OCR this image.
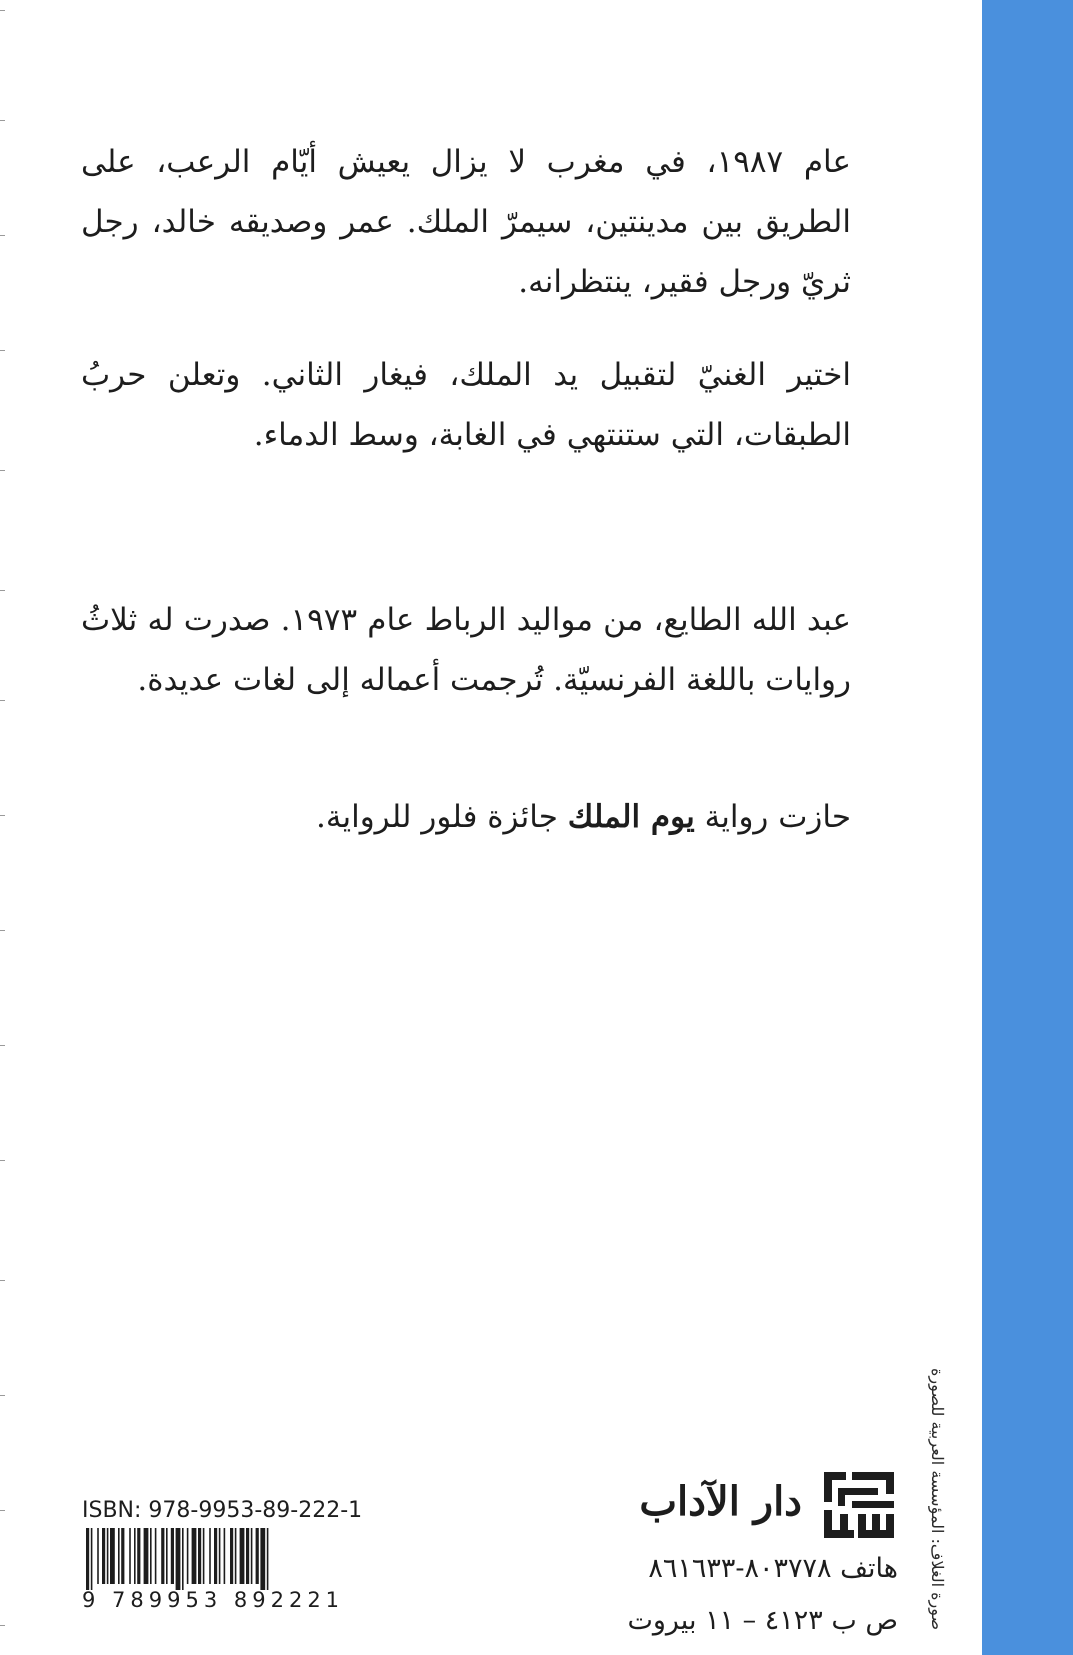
عام ١٩٨٧، في مغرب لا يزال يعيش أيّام الرعب، على الطريق بين مدينتين، سيمرّ الملك. عمر وصديقه خالد، رجل ثريّ ورجل فقير، ينتظرانه.

اختير الغنيّ لتقبيل يد الملك، فيغار الثاني. وتعلن حربُ الطبقات، التي ستنتهي في الغابة، وسط الدماء.

عبد الله الطايع، من مواليد الرباط عام ١٩٧٣. صدرت له ثلاثُ روايات باللغة الفرنسيّة. تُرجمت أعماله إلى لغات عديدة.

حازت رواية يوم الملك جائزة فلور للرواية.

صورة الغلاف: المؤسسة العربية للصورة
دار الآداب
هاتف ٨٠٣٧٧٨-٨٦١٦٣٣
ص ب ٤١٢٣ – ١١ بيروت
ISBN: 978-9953-89-222-1
9 789953 892221
